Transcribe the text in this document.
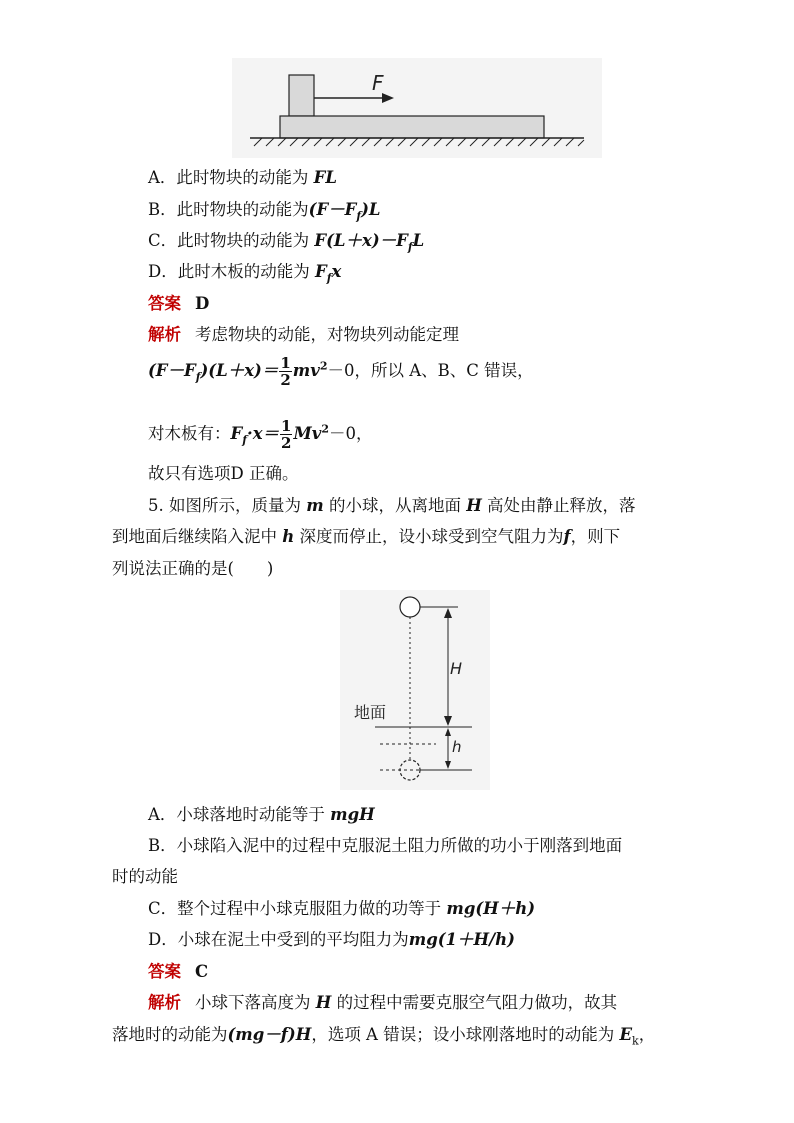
F
A．此时物块的动能为 FL
B．此时物块的动能为$(F-F_f)L$
C．此时物块的动能为 $F(L+x)-F_fL$
D．此时木板的动能为 $F_fx$
答案 D
解析 考虑物块的动能，对物块列动能定理
$(F-F_f)(L+x)= \frac{1}{2} mv^2-0$，所以 A、B、C 错误，
对木板有：$F_f\cdot x= \frac{1}{2} Mv^2-0$，
故只有选项D 正确。
5. 如图所示，质量为 m 的小球，从离地面 H 高处由静止释放，落
到地面后继续陷入泥中 h 深度而停止，设小球受到空气阻力为f，则下
列说法正确的是(　　)
H
h
地面
A．小球落地时动能等于 mgH
B．小球陷入泥中的过程中克服泥土阻力所做的功小于刚落到地面
时的动能
C．整个过程中小球克服阻力做的功等于 mg(H＋h)
D．小球在泥土中受到的平均阻力为mg(1＋H/h)
答案 C
解析 小球下落高度为 H 的过程中需要克服空气阻力做功，故其
落地时的动能为(mg－f)H，选项 A 错误；设小球刚落地时的动能为 $E_k$，
